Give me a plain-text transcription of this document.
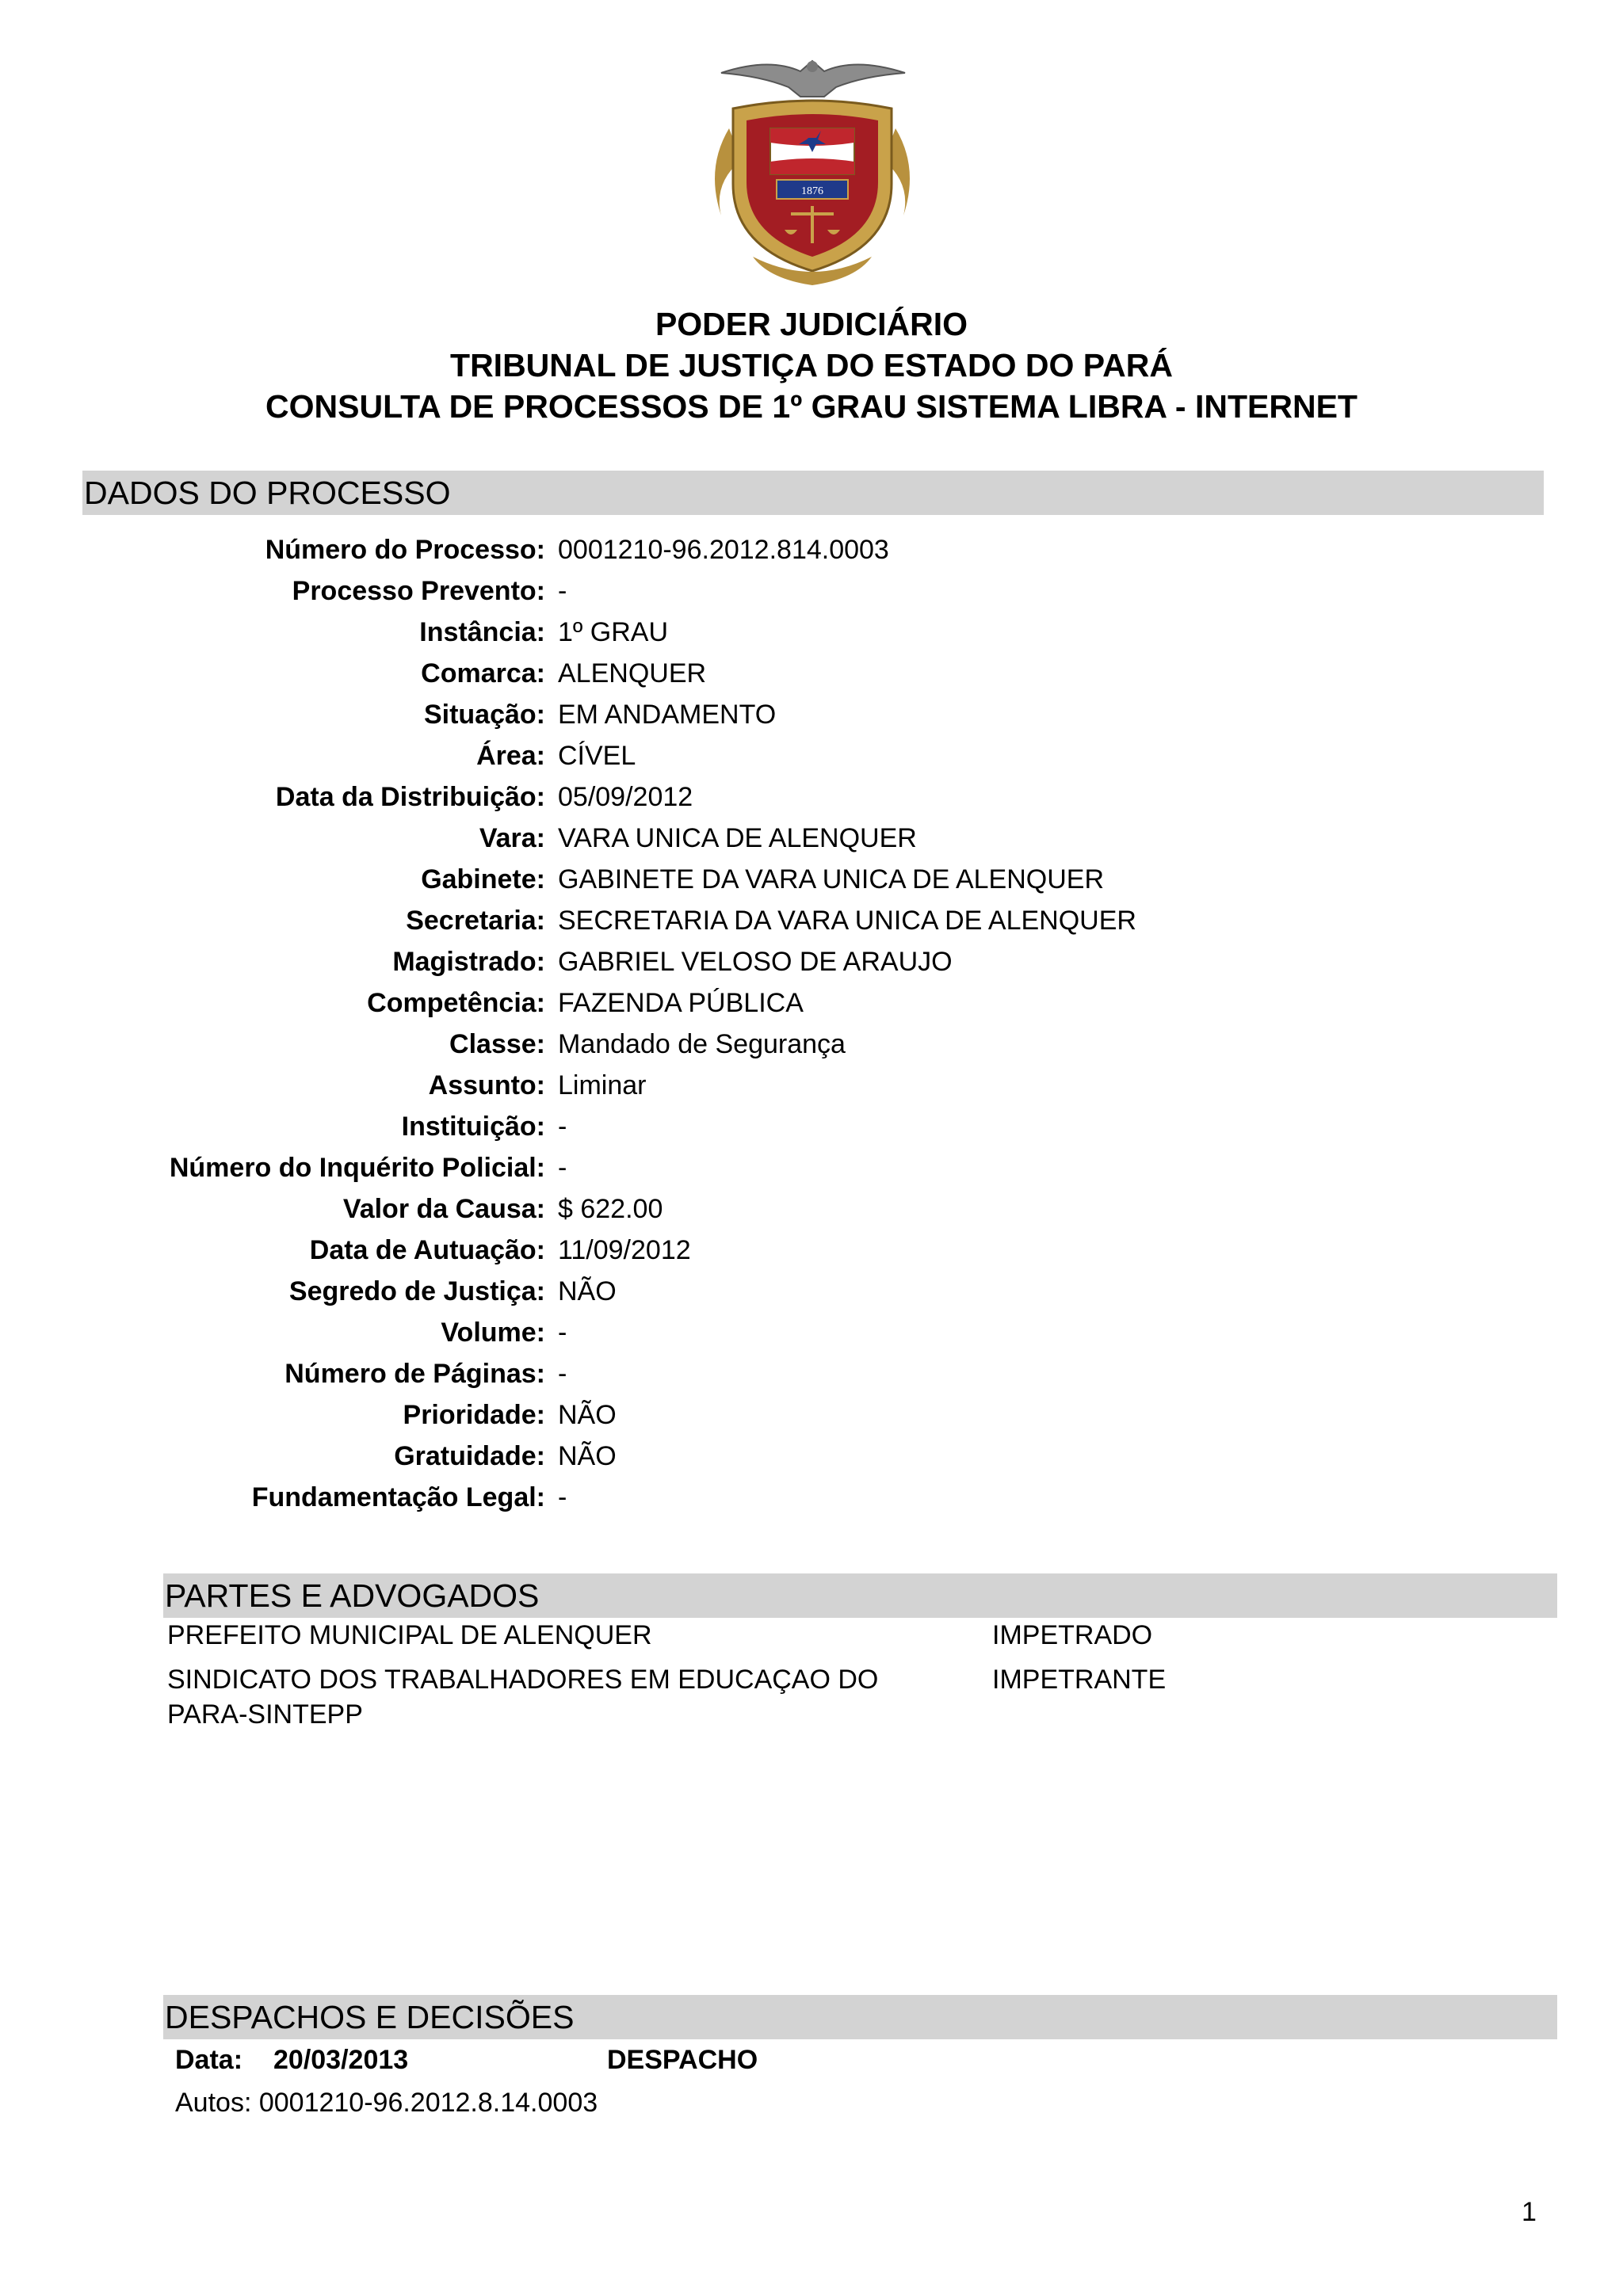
1876
PODER JUDICIÁRIO
TRIBUNAL DE JUSTIÇA DO ESTADO DO PARÁ
CONSULTA DE PROCESSOS DE 1º GRAU SISTEMA LIBRA - INTERNET
DADOS DO PROCESSO
Número do Processo: 0001210-96.2012.814.0003
Processo Prevento: -
Instância: 1º GRAU
Comarca: ALENQUER
Situação: EM ANDAMENTO
Área: CÍVEL
Data da Distribuição: 05/09/2012
Vara: VARA UNICA DE ALENQUER
Gabinete: GABINETE DA VARA UNICA DE ALENQUER
Secretaria: SECRETARIA DA VARA UNICA DE ALENQUER
Magistrado: GABRIEL VELOSO DE ARAUJO
Competência: FAZENDA PÚBLICA
Classe: Mandado de Segurança
Assunto: Liminar
Instituição: -
Número do Inquérito Policial: -
Valor da Causa: $ 622.00
Data de Autuação: 11/09/2012
Segredo de Justiça: NÃO
Volume: -
Número de Páginas: -
Prioridade: NÃO
Gratuidade: NÃO
Fundamentação Legal: -
PARTES E ADVOGADOS
PREFEITO MUNICIPAL DE ALENQUER	IMPETRADO
SINDICATO DOS TRABALHADORES EM EDUCAÇAO DO PARA-SINTEPP
IMPETRANTE
DESPACHOS E DECISÕES
Data: 20/03/2013	DESPACHO
Autos: 0001210-96.2012.8.14.0003
1
